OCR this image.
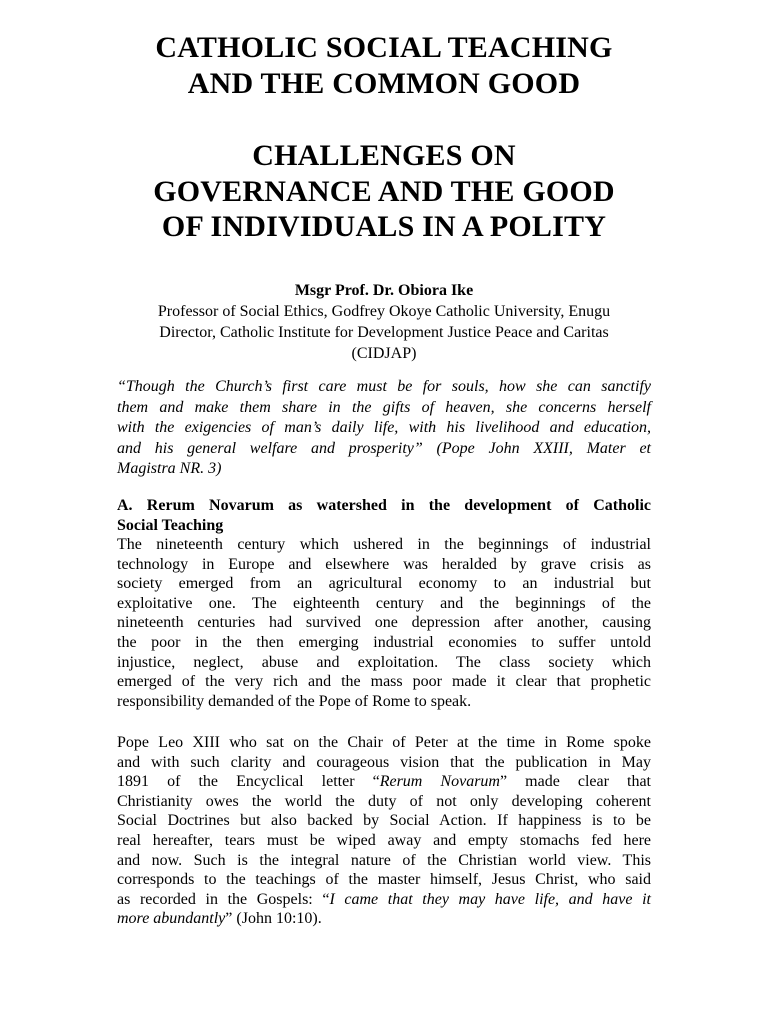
CATHOLIC SOCIAL TEACHING
AND THE COMMON GOOD
CHALLENGES ON
GOVERNANCE AND THE GOOD
OF INDIVIDUALS IN A POLITY
Msgr Prof. Dr. Obiora Ike
Professor of Social Ethics, Godfrey Okoye Catholic University, Enugu
Director, Catholic Institute for Development Justice Peace and Caritas
(CIDJAP)
“Though the Church’s first care must be for souls, how she can sanctify
them and make them share in the gifts of heaven, she concerns herself
with the exigencies of man’s daily life, with his livelihood and education,
and his general welfare and prosperity” (Pope John XXIII, Mater et
Magistra NR. 3)
A. Rerum Novarum as watershed in the development of Catholic
Social Teaching
The nineteenth century which ushered in the beginnings of industrial
technology in Europe and elsewhere was heralded by grave crisis as
society emerged from an agricultural economy to an industrial but
exploitative one. The eighteenth century and the beginnings of the
nineteenth centuries had survived one depression after another, causing
the poor in the then emerging industrial economies to suffer untold
injustice, neglect, abuse and exploitation. The class society which
emerged of the very rich and the mass poor made it clear that prophetic
responsibility demanded of the Pope of Rome to speak.
Pope Leo XIII who sat on the Chair of Peter at the time in Rome spoke
and with such clarity and courageous vision that the publication in May
1891 of the Encyclical letter “Rerum Novarum” made clear that
Christianity owes the world the duty of not only developing coherent
Social Doctrines but also backed by Social Action. If happiness is to be
real hereafter, tears must be wiped away and empty stomachs fed here
and now. Such is the integral nature of the Christian world view. This
corresponds to the teachings of the master himself, Jesus Christ, who said
as recorded in the Gospels: “I came that they may have life, and have it
more abundantly” (John 10:10).
